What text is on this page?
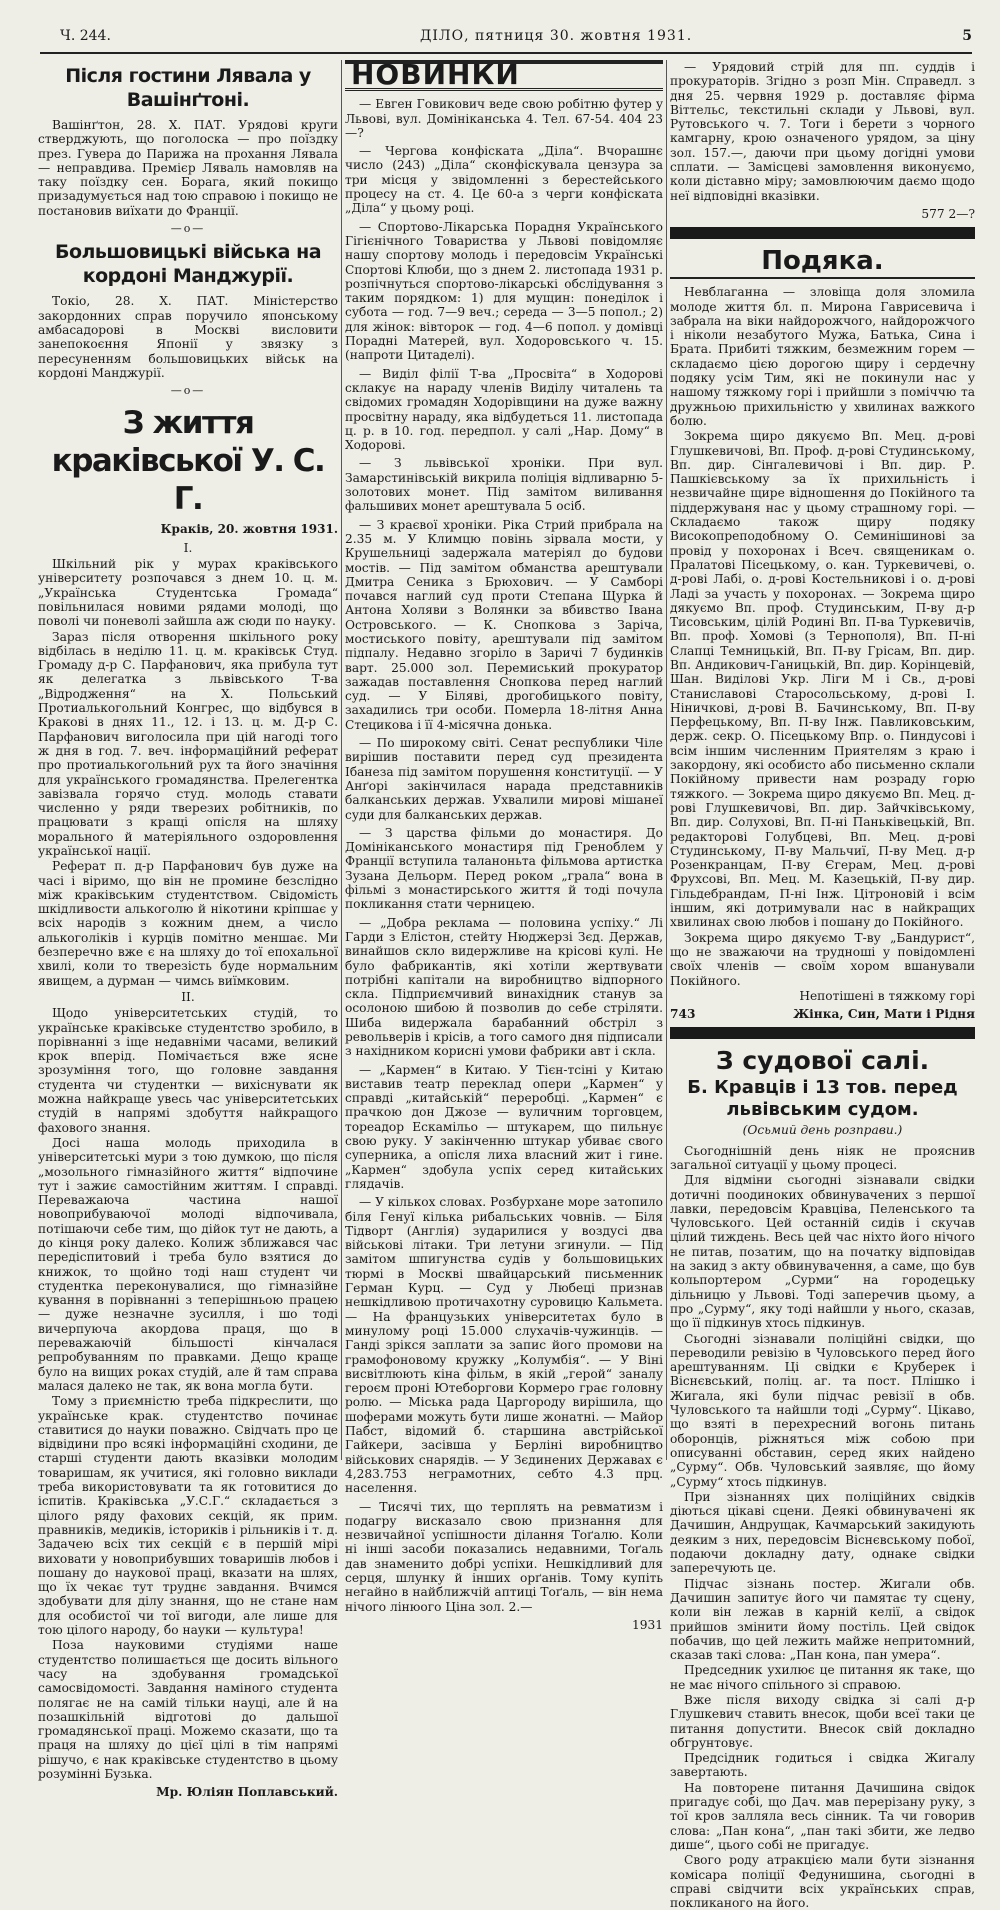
Ч. 244.	ДІЛО, пятниця 30. жовтня 1931.	5
Після гостини Лявала у Вашінґтоні.

Вашінґтон, 28. Х. ПАТ. Урядові круги стверджують, що поголоска — про поїздку през. Гувера до Парижа на прохання Лявала — неправдива. Премієр Ляваль намовляв на таку поїздку сен. Борага, який покищо призадумується над тою справою і покищо не постановив виїхати до Франції.

—о—
Большовицькі війська на кордоні Манджурії.

Токіо, 28. Х. ПАТ. Міністерство закордонних справ поручило японському амбасадорові в Москві висловити занепокоєння Японії у звязку з пересуненням большовицьких військ на кордоні Манджурії.

—о—
З життя краківської У. С. Г.
Краків, 20. жовтня 1931.
І.

Шкільний рік у мурах краківського університету розпочався з днем 10. ц. м. „Українська Студентська Громада“ повільнилася новими рядами молоді, що поволі чи поневолі зайшла аж сюди по науку.

Зараз після отворення шкільного року відбілась в неділю 11. ц. м. краківськ Студ. Громаду д-р С. Парфанович, яка прибула тут як делегатка з львівського Т-ва „Відродження“ на Х. Польський Протиалькогольний Конгрес, що відбувся в Кракові в днях 11., 12. і 13. ц. м. Д-р С. Парфанович виголосила при цій нагоді того ж дня в год. 7. веч. інформаційний реферат про протиалькогольний рух та його значіння для українського громадянства. Прелегентка завізвала горячо студ. молодь ставати численно у ряди тверезих робітників, по працювати з кращі опісля на шляху морального й матеріяльного оздоровлення української нації.

Реферат п. д-р Парфанович був дуже на часі і віримо, що він не промине безслідно між краківським студентством. Свідомість шкідливости алькоголю й нікотини кріпшає у всіх народів з кожним днем, а число алькоголіків і курців помітно меншає. Ми безперечно вже є на шляху до тої епохальної хвилі, коли то тверезість буде нормальним явищем, а дурман — чимсь виїмковим.

ІІ.

Щодо університетських студій, то українське краківське студентство зробило, в порівнанні з іще недавніми часами, великий крок вперід. Помічається вже ясне зрозуміння того, що головне завдання студента чи студентки — вихіснувати як можна найкраще увесь час університетських студій в напрямі здобуття найкращого фахового знання.

Досі наша молодь приходила в університетські мури з тою думкою, що після „мозольного гімназійного життя“ відпочине тут і зажиє самостійним життям. І справді. Переважаюча частина нашої новоприбуваючої молоді відпочивала, потішаючи себе тим, що дійок тут не дають, а до кінця року далеко. Колиж зближався час передіспитовий і треба було взятися до книжок, то щойно тоді наш студент чи студентка переконувалися, що гімназійне кування в порівнанні з теперішньою працею — дуже незначне зусилля, і шо тоді вичерпуюча акордова праця, що в переважаючій більшості кінчалася репробуванням по правками. Дещо краще було на вищих роках студій, але й там справа малася далеко не так, як вона могла бути.

Тому з приємністю треба підкреслити, що українське крак. студентство починає ставитися до науки поважно. Свідчать про це відвідини про всякі інформаційні сходини, де старші студенти дають вказівки молодим товаришам, як учитися, які головно виклади треба використовувати та як готовитися до іспитів. Краківська „У.С.Г.“ складається з цілого ряду фахових секцій, як прим. правників, медиків, істориків і рільників і т. д. Задачею всіх тих секцій є в першій мірі виховати у новоприбувших товаришів любов і пошану до наукової праці, вказати на шлях, що їх чекає тут труднє завдання. Вчимся здобувати для ділу знання, що не стане нам для особистої чи тої вигоди, але лише для тою цілого народу, бо науки — культура!

Поза науковими студіями наше студентство полишається ще досить вільного часу на здобування громадської самосвідомості. Завдання наміного студента полягає не на самій тільки науці, але й на позашкільній відготові до дальшої громадянської праці. Можемо сказати, що та праця на шляху до цієї цілі в тім напрямі рішучо, є нак краківське студентство в цьому розумінні Бузька.

Мр. Юліян Поплавський.
НОВИНКИ

— Евген Говикович веде свою робітню футер у Львові, вул. Домініканська 4. Тел. 67-54. 404 23—?

— Чергова конфіската „Діла“. Вчорашнє число (243) „Діла“ сконфіскувала цензура за три місця у звідомленні з берестейського процесу на ст. 4. Це 60-а з черги конфіската „Діла“ у цьому році.

— Спортово-Лікарська Порадня Українського Гігієнічного Товариства у Львові повідомляє нашу спортову молодь і передовсім Українські Спортові Клюби, що з днем 2. листопада 1931 р. розпічнуться спортово-лікарські обслідування з таким порядком: 1) для мущин: понеділок і субота — год. 7—9 веч.; середа — 3—5 попол.; 2) для жінок: вівторок — год. 4—6 попол. у домівці Порадні Матерей, вул. Ходоровського ч. 15. (напроти Цитаделі).

— Виділ філії Т-ва „Просвіта“ в Ходорові склакує на нараду членів Виділу читалень та свідомих громадян Ходорівщини на дуже важну просвітну нараду, яка відбудеться 11. листопада ц. р. в 10. год. передпол. у салі „Нар. Дому“ в Ходорові.

— З львівської хроніки. При вул. Замарстинівській викрила поліція відливарню 5-золотових монет. Під замітом виливання фальшивих монет арештувала 5 осіб.

— З краєвої хроніки. Ріка Стрий прибрала на 2.35 м. У Климцю повінь зірвала мости, у Крушельниці задержала матеріял до будови мостів. — Під замітом обманства арештували Дмитра Сеника з Брюхович. — У Самборі почався наглий суд проти Степана Щурка й Антона Холяви з Волянки за вбивство Івана Островського. — К. Снопкова з Заріча, мостиського повіту, арештували під замітом підпалу. Недавно згоріло в Заричі 7 будинків варт. 25.000 зол. Перемиський прокуратор зажадав поставлення Снопкова перед наглий суд. — У Біляві, дрогобицького повіту, захадились три особи. Померла 18-літня Анна Стецикова і її 4-місячна донька.

— По широкому світі. Сенат республики Чіле вирішив поставити перед суд президента Ібанеза під замітом порушення конституції. — У Анґорі закінчилася нарада представників балканських держав. Ухвалили мирові мішанеї суди для балканських держав.

— З царства фільми до монастиря. До Домініканського монастиря під Греноблем у Франції вступила таланоньта фільмова артистка Зузана Дельорм. Перед роком „грала“ вона в фільмі з монастирського життя й тоді почула покликання стати черницею.

— „Добра реклама — половина успіху.“ Лі Гарди з Елістон, стейту Нюджерзі Зєд. Держав, винайшов скло видержливе на крісові кулі. Не було фабрикантів, які хотіли жертвувати потрібні капітали на виробництво відпорного скла. Підприємчивий винахідник станув за осолоною шибою й позволив до себе стріляти. Шиба видержала барабанний обстріл з револьверів і крісів, а того самого дня підписали з нахідником корисні умови фабрики авт і скла.

— „Кармен“ в Китаю. У Тієн-тсіні у Китаю виставив театр переклад опери „Кармен“ у справді „китайській“ переробці. „Кармен“ є прачкою дон Джозе — вуличним торговцем, тореадор Ескамільо — штукарем, що пильнує свою руку. У закінченню штукар убиває свого суперника, а опісля лиха власний жит і гине. „Кармен“ здобула успіх серед китайських глядачів.

— У кількох словах. Розбурхане море затопило біля Генуї кілька рибальських човнів. — Біля Тідворт (Англія) зударилися у воздусі два військові літаки. Три летуни згинули. — Під замітом шпигунства судів у большовицьких тюрмі в Москві швайцарський письменник Герман Курц. — Суд у Любеці признав нешкідливою протичахотну суровицю Кальмета. — На французьких університетах було в минулому році 15.000 слухачів-чужинців. — Ганді зрікся заплати за запис його промови на грамофоновому кружку „Колумбія“. — У Віні висвітлюють кіна фільм, в якій „герой“ заналу героєм проні Ютеборгови Кормеро грає головну ролю. — Міська рада Царгороду вирішила, що шоферами можуть бути лише жонатні. — Майор Пабст, відомий б. старшина австрійської Гайкери, засівша у Берліні виробництво військових снарядів. — У Зєдинених Державах є 4,283.753 неграмотних, себто 4.3 прц. населення.

— Тисячі тих, що терплять на ревматизм і подагру висказало свою признання для незвичайної успішности ділання Тоґалю. Коли ні інші засоби показались недавними, Тоґаль дав знаменито добрі успіхи. Нешкідливий для серця, шлунку й інших орґанів. Тому купіть негайно в найближчій аптиці Тоґаль, — він нема нічого лінюого Ціна зол. 2.—

1931

— Урядовий стрій для пп. суддів і прокураторів. Згідно з розп Мін. Справедл. з дня 25. червня 1929 р. доставляє фірма Віттельс, текстильні склади у Львові, вул. Рутовського ч. 7. Тоги і берети з чорного камгарну, крою означеного урядом, за ціну зол. 157.—, даючи при цьому догідні умови сплати. — Замісцеві замовлення виконуємо, коли діставно міру; замовлюючим даємо щодо неї відповідні вказівки.

577 2—?
Подяка.

Невблаганна — зловіща доля зломила молоде життя бл. п. Мирона Гаврисевича і забрала на віки найдорожчого, найдорожчого і ніколи незабутого Мужа, Батька, Сина і Брата. Прибиті тяжким, безмежним горем — складаємо цією дорогою щиру і сердечну подяку усім Тим, які не покинули нас у нашому тяжкому горі і прийшли з поміччю та дружньою прихильністю у хвилинах важкого болю.

Зокрема щиро дякуємо Вп. Мец. д-рові Глушкевичові, Вп. Проф. д-рові Студинському, Вп. дир. Сінгалевичові і Вп. дир. Р. Пашкієвському за їх прихильність і незвичайне щире відношення до Покійного та піддержуваня нас у цьому страшному горі. — Складаємо також щиру подяку Високопреподобному О. Семинішинові за провід у похоронах і Всеч. священикам о. Пралатові Пісецькому, о. кан. Туркевичеві, о. д-рові Лабі, о. д-рові Костельникові і о. д-рові Ладі за участь у похоронах. — Зокрема щиро дякуємо Вп. проф. Студинським, П-ву д-р Тисовським, цілій Родині Вп. П-ва Туркевичів, Вп. проф. Хомові (з Тернополя), Вп. П-ні Слапці Темницькій, Вп. П-ву Грісам, Вп. дир. Вп. Андикович-Ганицькій, Вп. дир. Корінцевій, Шан. Виділові Укр. Ліги М і Св., д-рові Станиславові Старосольському, д-рові І. Ніничкові, д-рові В. Бачинському, Вп. П-ву Перфецькому, Вп. П-ву Інж. Павликовським, держ. секр. О. Пісецькому Впр. о. Пиндусові і всім іншим численним Приятелям з краю і закордону, які особисто або письменно склали Покійному привести нам розраду горю тяжкого. — Зокрема щиро дякуємо Вп. Мец. д-рові Глушкевичові, Вп. дир. Зайчківському, Вп. дир. Солухові, Вп. П-ні Паньківецькій, Вп. редакторові Голубцеві, Вп. Мец. д-рові Студинському, П-ву Мальчиї, П-ву Мец. д-р Розенкранцам, П-ву Єгерам, Мец. д-рові Фрухсові, Вп. Мец. М. Казецькій, П-ву дир. Гільдебрандам, П-ні Інж. Цітроновій і всім іншим, які дотримували нас в найкращих хвилинах свою любов і пошану до Покійного.

Зокрема щиро дякуємо Т-ву „Бандурист“, що не зважаючи на трудноші у повідомлені своїх членів — своїм хором вшанували Покійного.

Непотішені в тяжкому горі
743	Жінка, Син, Мати і Рідня
З судової салі.
Б. Кравців і 13 тов. перед львівським судом.
(Осьмий день розправи.)

Сьогоднішній день ніяк не прояснив загальної ситуації у цьому процесі.

Для відміни сьогодні зізнавали свідки дотичні поодиноких обвинувачених з першої лавки, передовсім Кравціва, Пеленського та Чуловського. Цей останній сидів і скучав цілий тиждень. Весь цей час ніхто його нічого не питав, позатим, що на початку відповідав на закид з акту обвинувачення, а саме, що був кольпортером „Сурми“ на городецьку дільницю у Львові. Тоді заперечив цьому, а про „Сурму“, яку тоді найшли у нього, сказав, що її підкинув хтось підкинув.

Сьогодні зізнавали поліційні свідки, що переводили ревізію в Чуловського перед його арештуванням. Ці свідки є Круберек і Віснєвський, поліц. аг. та пост. Плішко і Жигала, які були підчас ревізії в обв. Чуловського та найшли тоді „Сурму“. Цікаво, що взяті в перехресний вогонь питань оборонців, ріжняться між собою при описуванні обставин, серед яких найдено „Сурму“. Обв. Чуловський заявляє, що йому „Сурму“ хтось підкинув.

При зізнаннях цих поліційних свідків діються цікаві сцени. Деякі обвинувачені як Дачишин, Андрущак, Качмарський закидують деяким з них, передовсім Віснєвському побої, подаючи докладну дату, однаке свідки заперечують це.

Підчас зізнань постер. Жигали обв. Дачишин запитує його чи памятає ту сцену, коли він лежав в карній келії, а свідок прийшов змінити йому постіль. Цей свідок побачив, що цей лежить майже непритомний, сказав такі слова: „Пан кона, пан умера“.

Председник ухилює це питання як таке, що не має нічого спільного зі справою.

Вже після виходу свідка зі салі д-р Глушкевич ставить внесок, щоби всеї таки це питання допустити. Внесок свій докладно обгрунтовує.

Предсідник годиться і свідка Жигалу завертають.

На повторене питання Дачишина свідок пригадує собі, що Дач. мав перерізану руку, з тої кров залляла весь сінник. Та чи говорив слова: „Пан кона“, „пан такі збити, же ледво дише“, цього собі не пригадує.

Свого роду атракцією мали бути зізнання комісара поліції Федунишина, сьогодні в справі свідчити всіх українських справ, покликаного на його.
